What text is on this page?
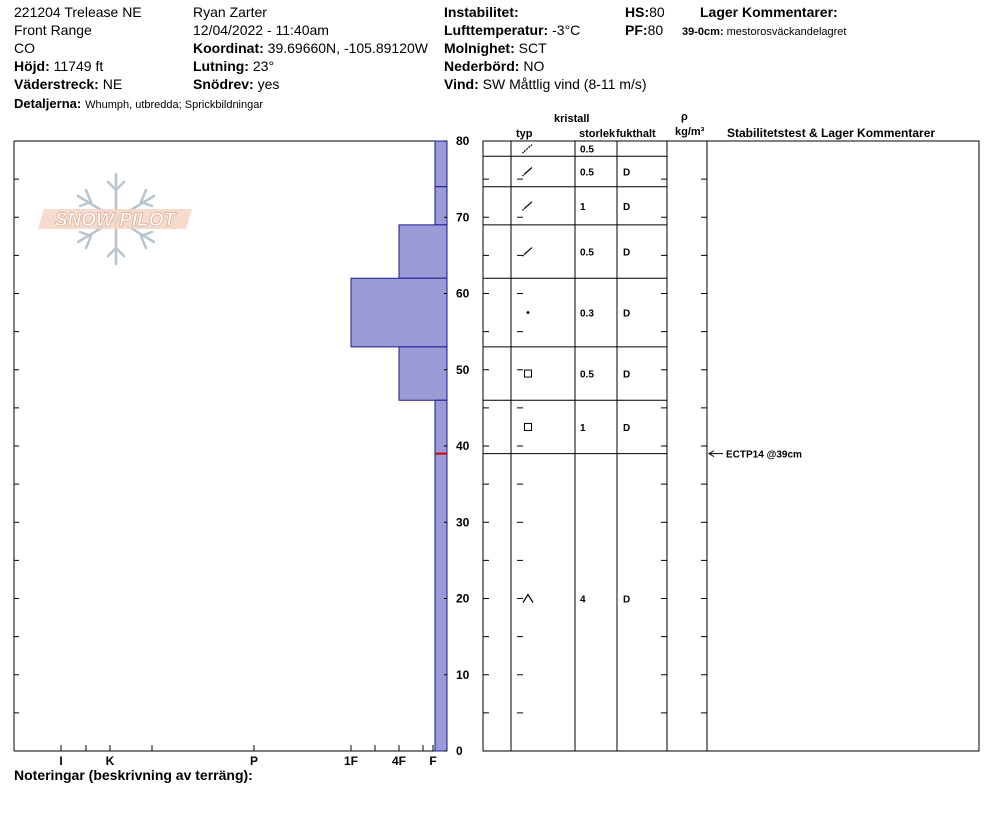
221204 Trelease NE
Front Range
CO
Höjd: 11749 ft
Väderstreck: NE
Detaljerna: Whumph, utbredda; Sprickbildningar
Ryan Zarter
12/04/2022 - 11:40am
Koordinat: 39.69660N, -105.89120W
Lutning: 23°
Snödrev: yes
Instabilitet:
Lufttemperatur: -3°C
Molnighet: SCT
Nederbörd: NO
Vind: SW Måttlig vind (8-11 m/s)
HS:80
PF:80
Lager Kommentarer:
39-0cm: mestorosväckandelagret
kristall
typ	storlek fukthalt
ρ
kg/m³ Stabilitetstest & Lager Kommentarer
Noteringar (beskrivning av terräng):
SNOW PILOT
0
10
20
30
40
50
60
70
80
I	K	P	1F	4F F
0.5
0.5	D
1	D
0.5	D
0.3	D
0.5	D
1	D
4	D
ECTP14 @39cm
